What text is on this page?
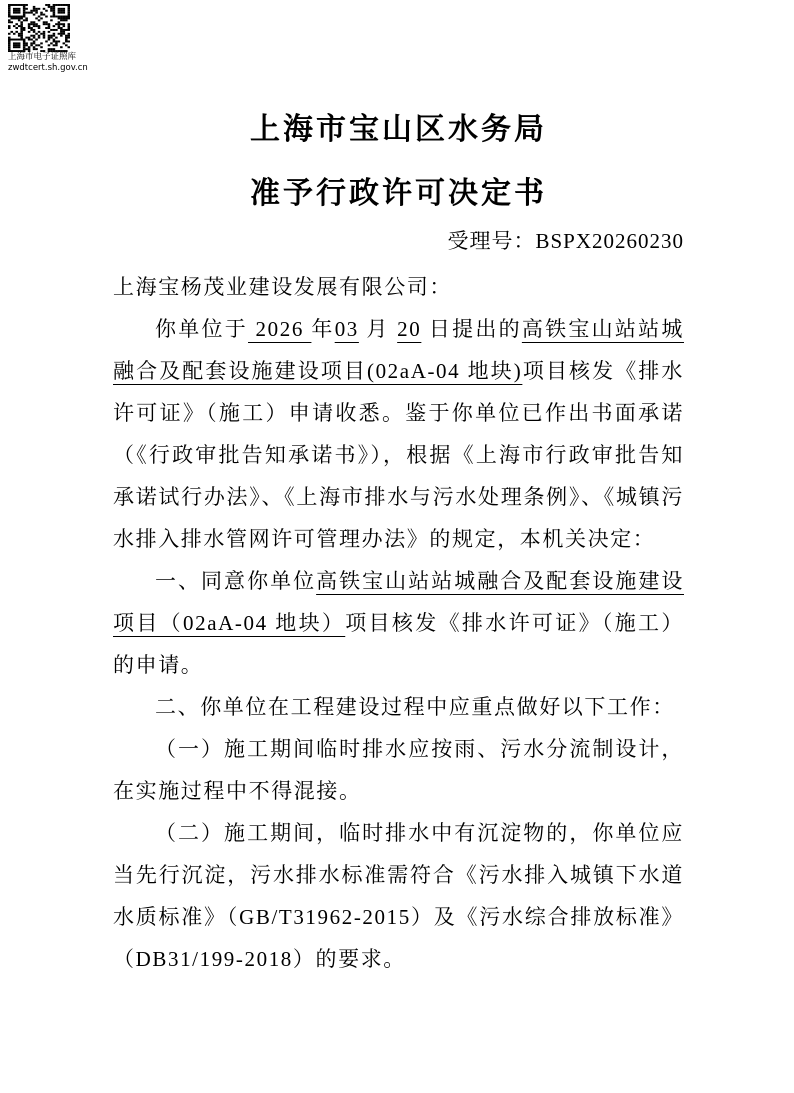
上海市电子证照库
zwdtcert.sh.gov.cn
上海市宝山区水务局
准予行政许可决定书

受理号：BSPX20260230

上海宝杨茂业建设发展有限公司：

你单位于 2026 年03 月 20 日提出的高铁宝山站站城融合及配套设施建设项目(02aA-04 地块)项目核发《排水许可证》（施工）申请收悉。鉴于你单位已作出书面承诺（《行政审批告知承诺书》），根据《上海市行政审批告知承诺试行办法》、《上海市排水与污水处理条例》、《城镇污水排入排水管网许可管理办法》的规定，本机关决定：

一、同意你单位高铁宝山站站城融合及配套设施建设项目（02aA-04 地块）项目核发《排水许可证》（施工）的申请。

二、你单位在工程建设过程中应重点做好以下工作：

（一）施工期间临时排水应按雨、污水分流制设计，在实施过程中不得混接。

（二）施工期间，临时排水中有沉淀物的，你单位应当先行沉淀，污水排水标准需符合《污水排入城镇下水道水质标准》（GB/T31962-2015）及《污水综合排放标准》（DB31/199-2018）的要求。
